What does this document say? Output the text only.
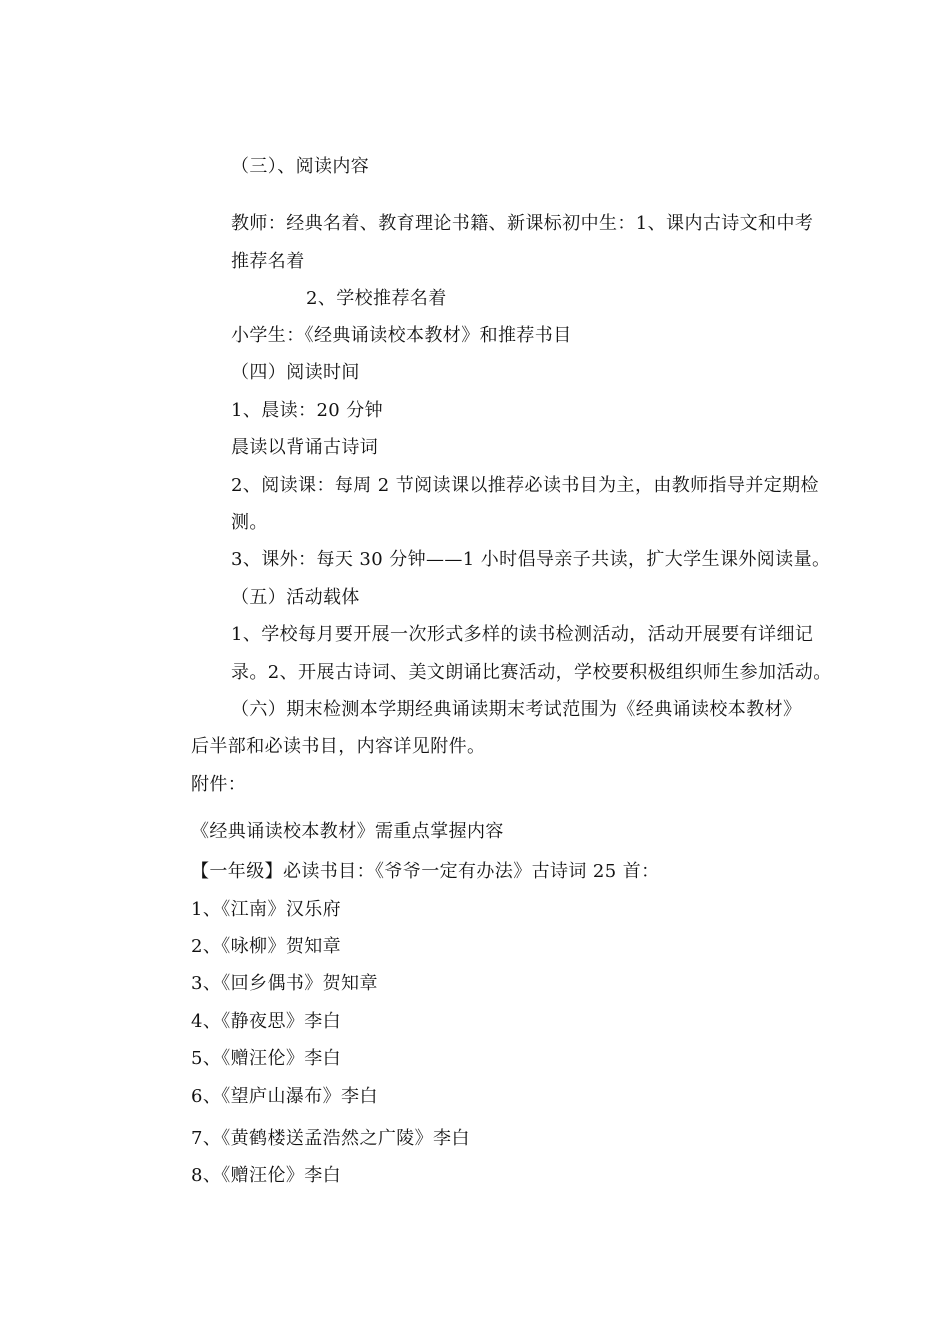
（三）、阅读内容
教师：经典名着、教育理论书籍、新课标初中生：1、课内古诗文和中考
推荐名着
2、学校推荐名着
小学生：《经典诵读校本教材》和推荐书目
（四）阅读时间
1、晨读：20 分钟
晨读以背诵古诗词
2、阅读课：每周 2 节阅读课以推荐必读书目为主，由教师指导并定期检
测。
3、课外：每天 30 分钟——1 小时倡导亲子共读，扩大学生课外阅读量。
（五）活动载体
1、学校每月要开展一次形式多样的读书检测活动，活动开展要有详细记
录。2、开展古诗词、美文朗诵比赛活动，学校要积极组织师生参加活动。
（六）期末检测本学期经典诵读期末考试范围为《经典诵读校本教材》
后半部和必读书目，内容详见附件。
附件：
《经典诵读校本教材》需重点掌握内容
【一年级】必读书目：《爷爷一定有办法》古诗词 25 首：
1、《江南》汉乐府
2、《咏柳》贺知章
3、《回乡偶书》贺知章
4、《静夜思》李白
5、《赠汪伦》李白
6、《望庐山瀑布》李白
7、《黄鹤楼送孟浩然之广陵》李白
8、《赠汪伦》李白
